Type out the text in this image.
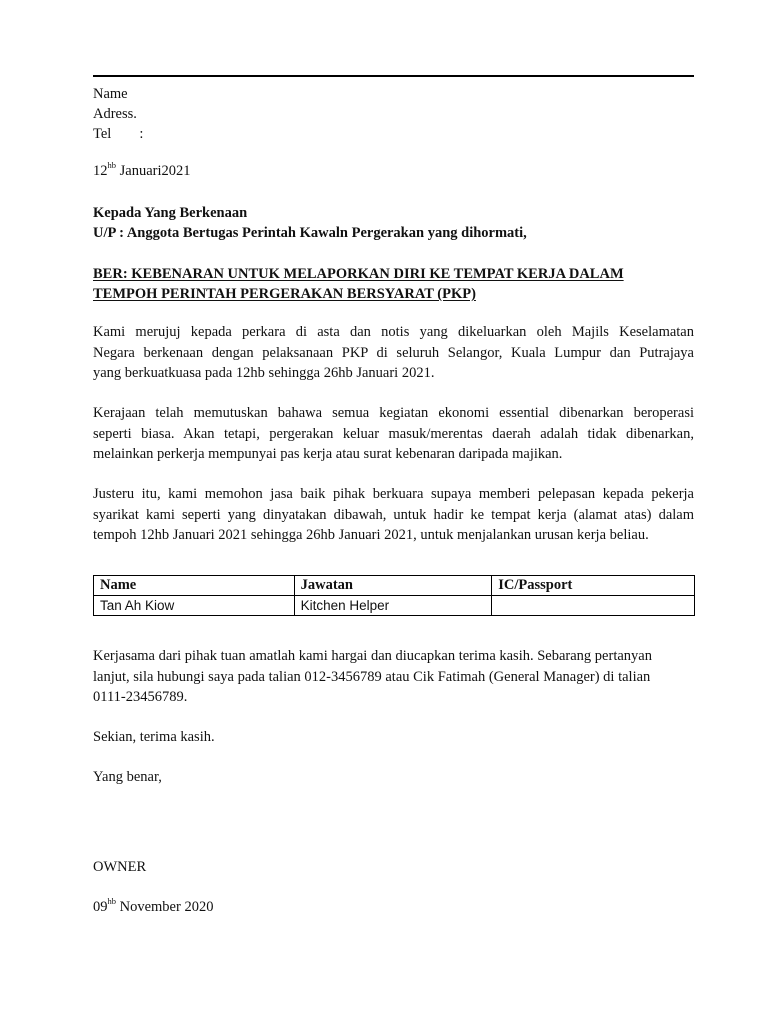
Name
Adress.
Tel :
$12^{hb}$ Januari2021
Kepada Yang Berkenaan
U/P : Anggota Bertugas Perintah Kawaln Pergerakan yang dihormati,
BER: KEBENARAN UNTUK MELAPORKAN DIRI KE TEMPAT KERJA DALAM
TEMPOH PERINTAH PERGERAKAN BERSYARAT (PKP)
Kami merujuj kepada perkara di asta dan notis yang dikeluarkan oleh Majils Keselamatan
Negara berkenaan dengan pelaksanaan PKP di seluruh Selangor, Kuala Lumpur dan Putrajaya
yang berkuatkuasa pada 12hb sehingga 26hb Januari 2021.
Kerajaan telah memutuskan bahawa semua kegiatan ekonomi essential dibenarkan beroperasi
seperti biasa. Akan tetapi, pergerakan keluar masuk/merentas daerah adalah tidak dibenarkan,
melainkan perkerja mempunyai pas kerja atau surat kebenaran daripada majikan.
Justeru itu, kami memohon jasa baik pihak berkuara supaya memberi pelepasan kepada pekerja
syarikat kami seperti yang dinyatakan dibawah, untuk hadir ke tempat kerja (alamat atas) dalam
tempoh 12hb Januari 2021 sehingga 26hb Januari 2021, untuk menjalankan urusan kerja beliau.
Name	Jawatan	IC/Passport
Tan Ah Kiow	Kitchen Helper	
Kerjasama dari pihak tuan amatlah kami hargai dan diucapkan terima kasih. Sebarang pertanyan
lanjut, sila hubungi saya pada talian 012-3456789 atau Cik Fatimah (General Manager) di talian
0111-23456789.
Sekian, terima kasih.
Yang benar,
OWNER
$09^{hb}$ November 2020
